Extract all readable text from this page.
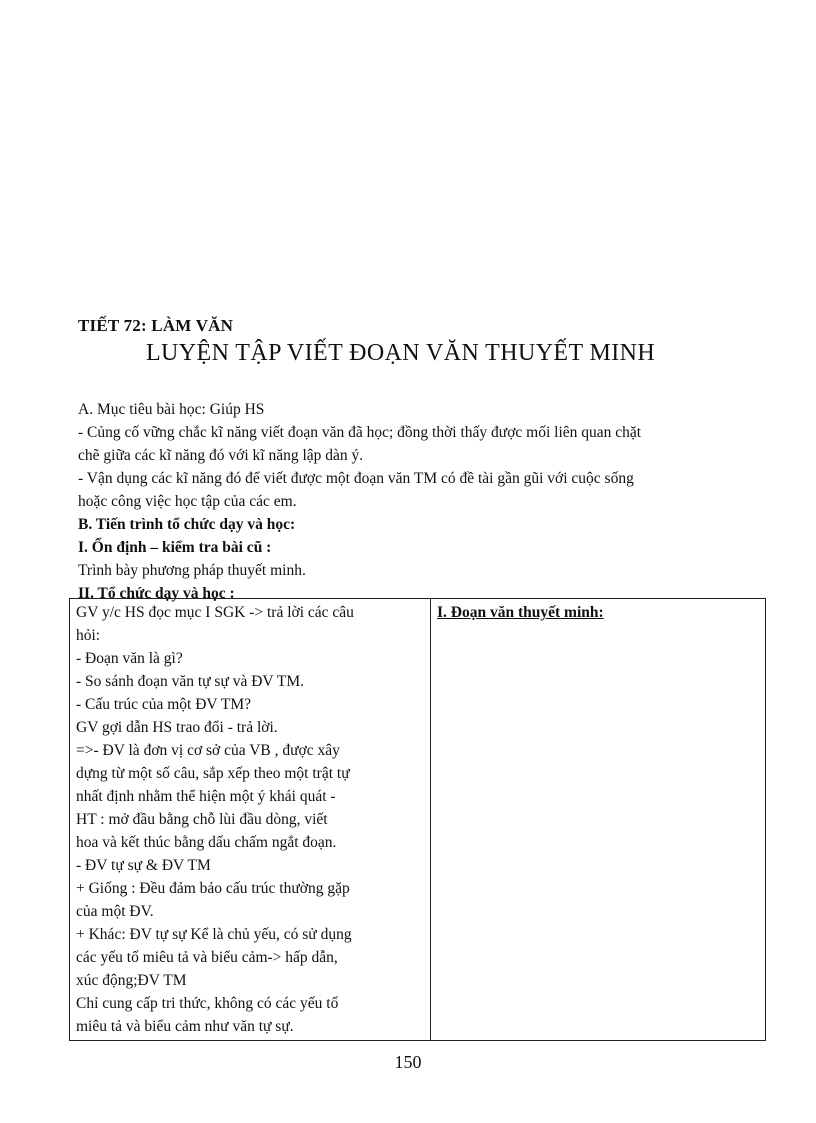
TIẾT 72: LÀM VĂN
LUYỆN TẬP VIẾT ĐOẠN VĂN THUYẾT MINH

A. Mục tiêu bài học: Giúp HS

- Củng cố vững chắc kĩ năng viết đoạn văn đã học; đồng thời thấy được mối liên quan chặt

chẽ giữa các kĩ năng đó với kĩ năng lập dàn ý.

- Vận dụng các kĩ năng đó để viết được một đoạn văn TM có đề tài gần gũi với cuộc sống

hoặc công việc học tập của các em.

B. Tiến trình tổ chức dạy và học:

I. Ổn định – kiểm tra bài cũ :

Trình bày phương pháp thuyết minh.

II. Tổ chức dạy và học :

GV y/c HS đọc mục I SGK -> trả lời các câu
hỏi:
- Đoạn văn là gì?
- So sánh đoạn văn tự sự và ĐV TM.
- Cấu trúc của một ĐV TM?
GV gợi dẫn HS trao đổi - trả lời.
=>- ĐV là đơn vị cơ sở của VB , được xây
dựng từ một số câu, sắp xếp theo một trật tự
nhất định nhằm thể hiện một ý khái quát -
HT : mở đầu bằng chỗ lùi đầu dòng, viết
hoa và kết thúc bằng dấu chấm ngắt đoạn.
- ĐV tự sự & ĐV TM
+ Giống : Đều đảm bảo cấu trúc thường gặp
của một ĐV.
+ Khác: ĐV tự sự Kể là chủ yếu, có sử dụng
các yếu tố miêu tả và biểu cảm-> hấp dẫn,
xúc động;ĐV TM
Chỉ cung cấp tri thức, không có các yếu tố
miêu tả và biểu cảm như văn tự sự.
	I. Đoạn văn thuyết minh:
150
